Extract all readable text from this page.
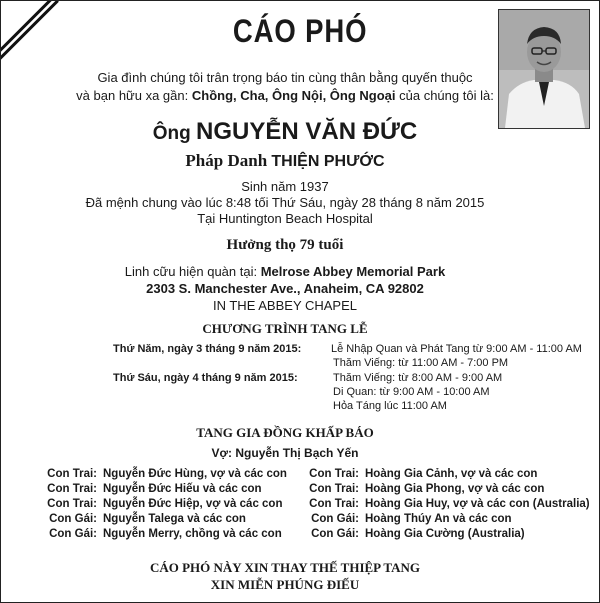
CÁO PHÓ
Gia đình chúng tôi trân trọng báo tin cùng thân bằng quyến thuộc
và bạn hữu xa gần: Chồng, Cha, Ông Nội, Ông Ngoại của chúng tôi là:
Ông NGUYỄN VĂN ĐỨC
Pháp Danh THIỆN PHƯỚC
Sinh năm 1937
Đã mệnh chung vào lúc 8:48 tối Thứ Sáu, ngày 28 tháng 8 năm 2015
Tại Huntington Beach Hospital
Hưởng thọ 79 tuổi
Linh cữu hiện quàn tại: Melrose Abbey Memorial Park
2303 S. Manchester Ave., Anaheim, CA 92802
IN THE ABBEY CHAPEL
CHƯƠNG TRÌNH TANG LỄ
Thứ Năm, ngày 3 tháng 9 năm 2015:	Lễ Nhập Quan và Phát Tang từ 9:00 AM - 11:00 AM
Thăm Viếng: từ 11:00 AM - 7:00 PM
Thứ Sáu, ngày 4 tháng 9 năm 2015:	Thăm Viếng: từ 8:00 AM - 9:00 AM
Di Quan: từ 9:00 AM - 10:00 AM
Hỏa Táng lúc 11:00 AM
TANG GIA ĐỒNG KHẤP BÁO
Vợ: Nguyễn Thị Bạch Yến
Con Trai: Nguyễn Đức Hùng, vợ và các con
Con Trai: Nguyễn Đức Hiếu và các con
Con Trai: Nguyễn Đức Hiệp, vợ và các con
Con Gái: Nguyễn Talega và các con
Con Gái: Nguyễn Merry, chồng và các con
Con Trai: Hoàng Gia Cảnh, vợ và các con
Con Trai: Hoàng Gia Phong, vợ và các con
Con Trai: Hoàng Gia Huy, vợ và các con (Australia)
Con Gái: Hoàng Thúy An và các con
Con Gái: Hoàng Gia Cường (Australia)
CÁO PHÓ NÀY XIN THAY THẾ THIỆP TANG
XIN MIỄN PHÚNG ĐIẾU
